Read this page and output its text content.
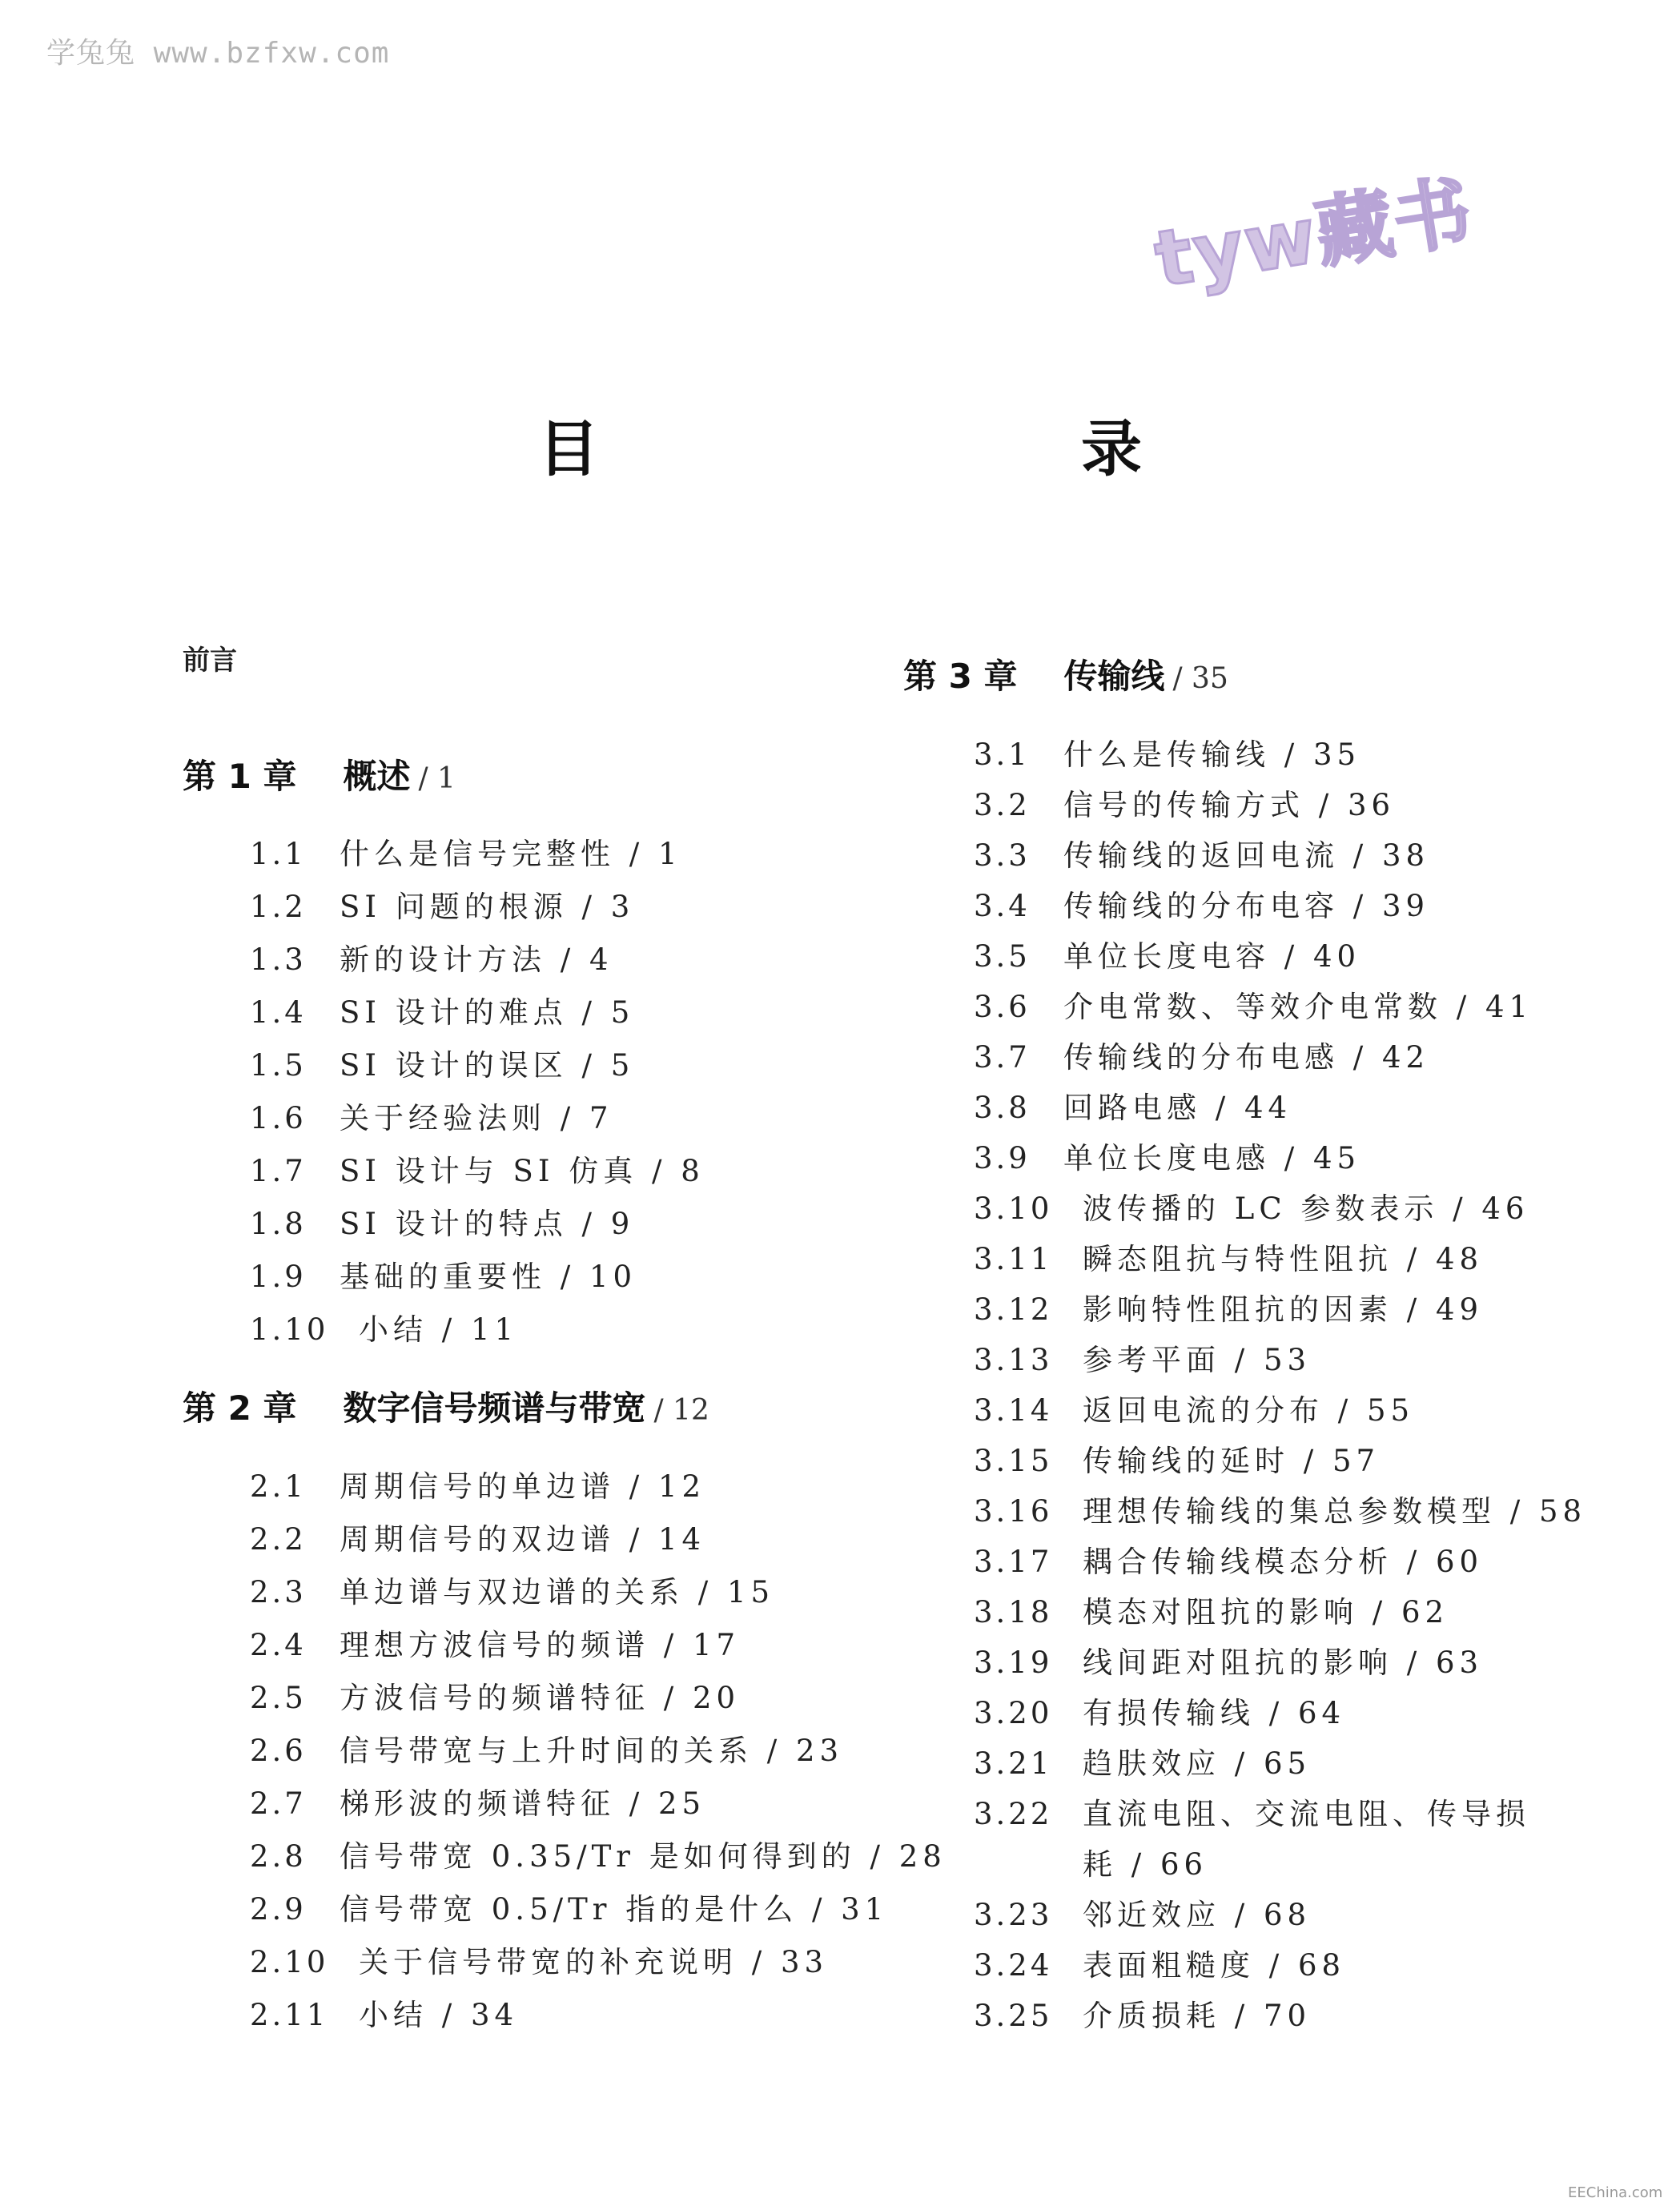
学兔兔 www.bzfxw.com
tyw藏书
目　　录
前言
第 1 章 概述 / 1
1.1 什么是信号完整性 / 1
1.2 SI 问题的根源 / 3
1.3 新的设计方法 / 4
1.4 SI 设计的难点 / 5
1.5 SI 设计的误区 / 5
1.6 关于经验法则 / 7
1.7 SI 设计与 SI 仿真 / 8
1.8 SI 设计的特点 / 9
1.9 基础的重要性 / 10
1.10 小结 / 11
第 2 章 数字信号频谱与带宽 / 12
2.1 周期信号的单边谱 / 12
2.2 周期信号的双边谱 / 14
2.3 单边谱与双边谱的关系 / 15
2.4 理想方波信号的频谱 / 17
2.5 方波信号的频谱特征 / 20
2.6 信号带宽与上升时间的关系 / 23
2.7 梯形波的频谱特征 / 25
2.8 信号带宽 0.35/Tr 是如何得到的 / 28
2.9 信号带宽 0.5/Tr 指的是什么 / 31
2.10 关于信号带宽的补充说明 / 33
2.11 小结 / 34
第 3 章 传输线 / 35
3.1 什么是传输线 / 35
3.2 信号的传输方式 / 36
3.3 传输线的返回电流 / 38
3.4 传输线的分布电容 / 39
3.5 单位长度电容 / 40
3.6 介电常数、等效介电常数 / 41
3.7 传输线的分布电感 / 42
3.8 回路电感 / 44
3.9 单位长度电感 / 45
3.10 波传播的 LC 参数表示 / 46
3.11 瞬态阻抗与特性阻抗 / 48
3.12 影响特性阻抗的因素 / 49
3.13 参考平面 / 53
3.14 返回电流的分布 / 55
3.15 传输线的延时 / 57
3.16 理想传输线的集总参数模型 / 58
3.17 耦合传输线模态分析 / 60
3.18 模态对阻抗的影响 / 62
3.19 线间距对阻抗的影响 / 63
3.20 有损传输线 / 64
3.21 趋肤效应 / 65
3.22 直流电阻、交流电阻、传导损
耗 / 66
3.23 邻近效应 / 68
3.24 表面粗糙度 / 68
3.25 介质损耗 / 70
EEChina.com
